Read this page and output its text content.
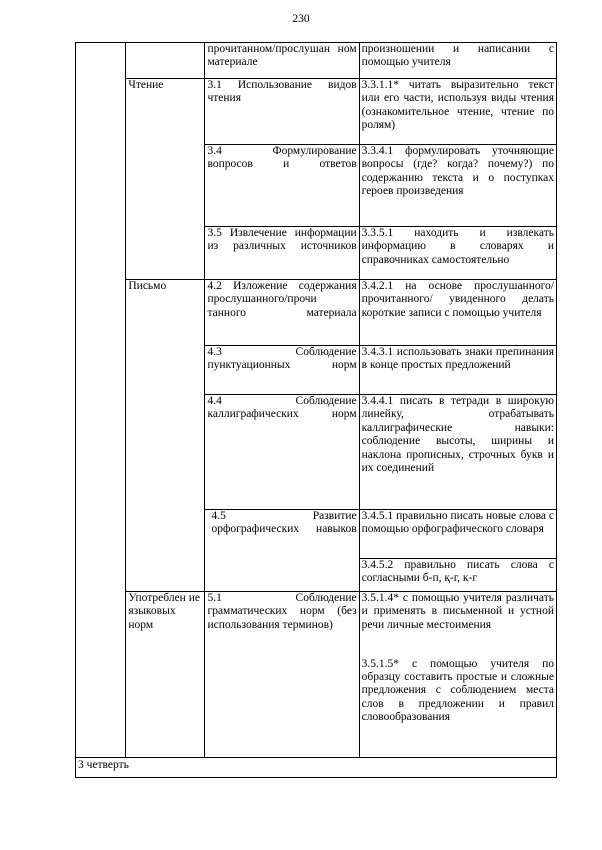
230
		прочитанном/прослушан ном материале	произношении и написании с помощью учителя
	Чтение	3.1 Использование видов чтения	3.3.1.1* читать выразительно текст или его части, используя виды чтения (ознакомительное чтение, чтение по ролям)
		3.4 Формулирование вопросов и ответов	3.3.4.1 формулировать уточняющие вопросы (где? когда? почему?) по содержанию текста и о поступках героев произведения
		3.5 Извлечение информации из различных источников	3.3.5.1 находить и извлекать информацию в словарях и справочниках самостоятельно
	Письмо	4.2 Изложение содержания прослушанного/прочи танного материала	3.4.2.1 на основе прослушанного/ прочитанного/ увиденного делать короткие записи с помощью учителя
		4.3 Соблюдение пунктуационных норм	3.4.3.1 использовать знаки препинания в конце простых предложений
		4.4 Соблюдение каллиграфических норм	3.4.4.1 писать в тетради в широкую линейку, отрабатывать каллиграфические навыки: соблюдение высоты, ширины и наклона прописных, строчных букв и их соединений
		4.5 Развитие орфографических навыков	3.4.5.1 правильно писать новые слова с помощью орфографического словаря
			3.4.5.2 правильно писать слова с согласными б-п, қ-г, к-г
	Употреблен ие языковых норм	5.1 Соблюдение грамматических норм (без использования терминов)	3.5.1.4* с помощью учителя различать и применять в письменной и устной речи личные местоимения
			3.5.1.5* с помощью учителя по образцу составить простые и сложные предложения с соблюдением места слов в предложении и правил словообразования
3 четверть			
